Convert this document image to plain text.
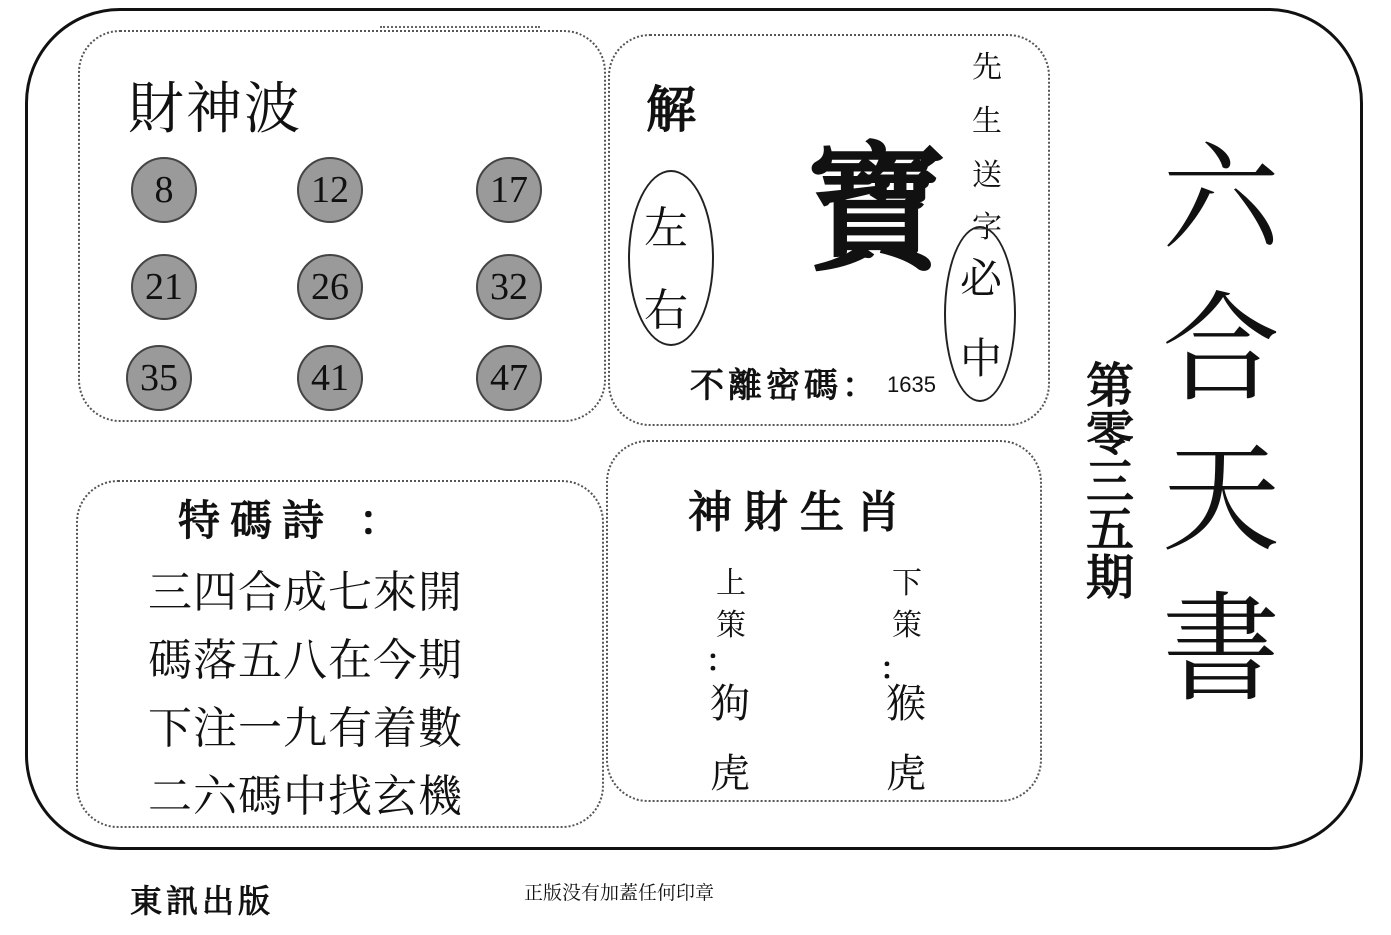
財神波
8	12	17
21	26	32
35	41	47
解
左
右
寶
先
生
送
字
必
中
不離密碼： 1635
特碼詩 ：
三四合成七來開
碼落五八在今期
下注一九有着數
二六碼中找玄機
神財生肖
上
策
：
狗
虎
下
策
：
猴
虎
六
合
天
書
第
零
三
五
期
東訊出版	正版没有加蓋任何印章
